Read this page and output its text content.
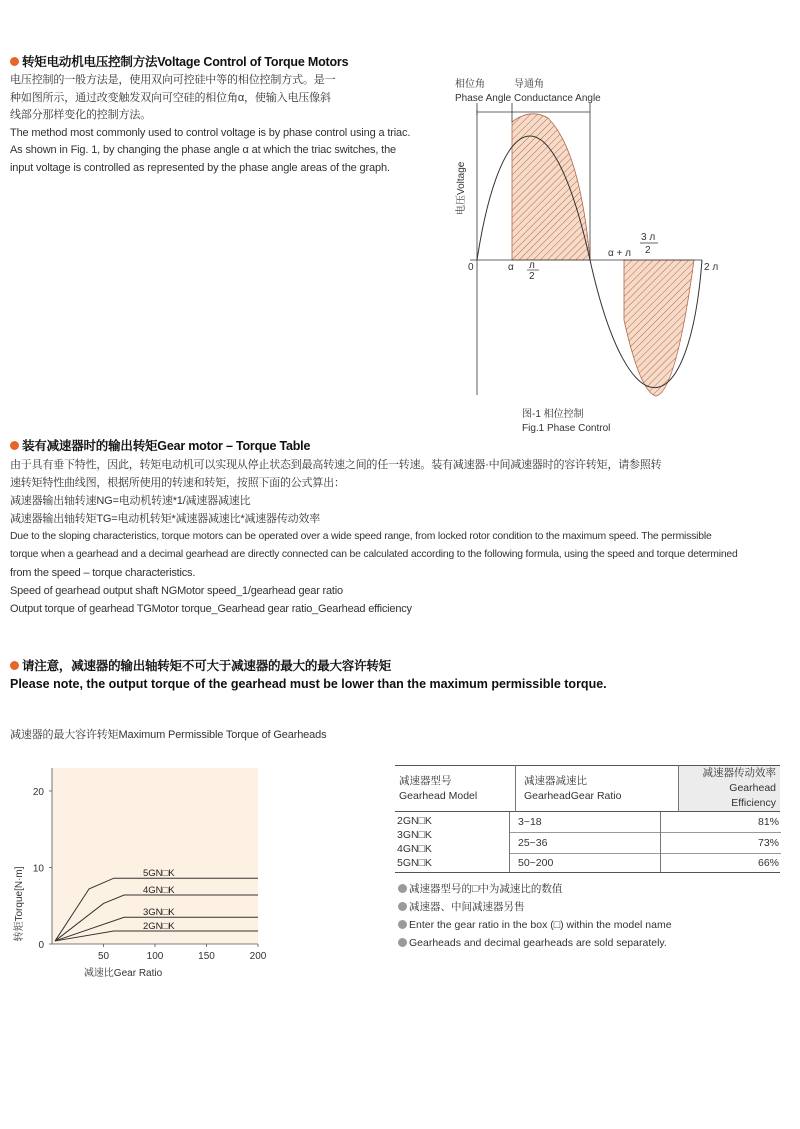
转矩电动机电压控制方法Voltage Control of Torque Motors
电压控制的一般方法是，使用双向可控硅中等的相位控制方式。是一
种如图所示，通过改变触发双向可空硅的相位角α，使输入电压像斜
线部分那样变化的控制方法。
The method most commonly used to control voltage is by phase control using a triac.
As shown in Fig. 1, by changing the phase angle α at which the triac switches, the
input voltage is controlled as represented by the phase angle areas of the graph.
相位角
Phase Angle
导通角
Conductance Angle
电压Voltage
0	α л
2
α + л
3 л
2
2 л
图-1 相位控制
Fig.1 Phase Control
装有减速器时的输出转矩Gear motor – Torque Table
由于具有垂下特性，因此，转矩电动机可以实现从停止状态到最高转速之间的任一转速。装有减速器·中间减速器时的容许转矩，请参照转
速转矩特性曲线图，根据所使用的转速和转矩，按照下面的公式算出：
减速器输出轴转速NG=电动机转速*1/减速器减速比
减速器输出轴转矩TG=电动机转矩*减速器减速比*减速器传动效率
Due to the sloping characteristics, torque motors can be operated over a wide speed range, from locked rotor condition to the maximum speed. The permissible
torque when a gearhead and a decimal gearhead are directly connected can be calculated according to the following formula, using the speed and torque determined
from the speed – torque characteristics.
Speed of gearhead output shaft NGMotor speed_1/gearhead gear ratio
Output torque of gearhead TGMotor torque_Gearhead gear ratio_Gearhead efficiency
请注意，减速器的输出轴转矩不可大于减速器的最大的最大容许转矩
Please note, the output torque of the gearhead must be lower than the maximum permissible torque.
减速器的最大容许转矩Maximum Permissible Torque of Gearheads
5GN□K
4GN□K
3GN□K
2GN□K
0
10
20
50	100	150	200
减速比Gear Ratio
转矩Torque[N·m]
减速器型号
Gearhead Model

减速器减速比
GearheadGear Ratio

减速器传动效率
Gearhead Efficiency
2GN□K
3GN□K
4GN□K
5GN□K
3~18	81%
25~36	73%
50~200	66%
减速器型号的□中为减速比的数值
减速器、中间减速器另售
Enter the gear ratio in the box (□) within the model name
Gearheads and decimal gearheads are sold separately.
